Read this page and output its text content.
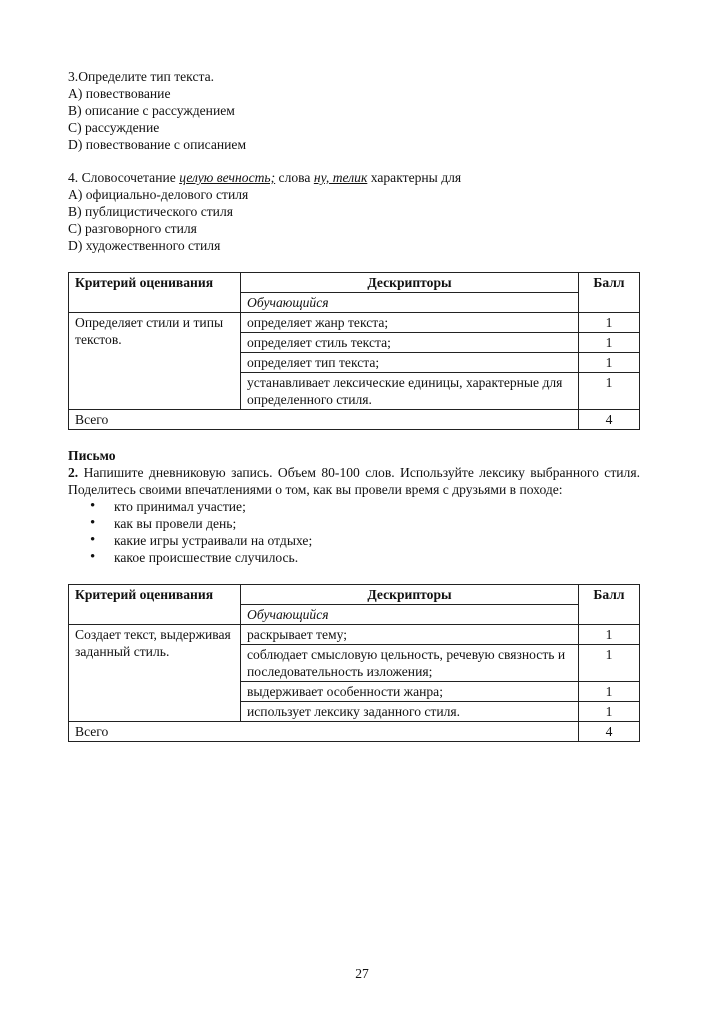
3.Определите тип текста.
A) повествование
B) описание с рассуждением
C) рассуждение
D) повествование с описанием
4. Словосочетание целую вечность; слова ну, телик характерны для
A) официально-делового стиля
B) публицистического стиля
C) разговорного стиля
D) художественного стиля
Критерий оценивания	Дескрипторы	Балл
	Обучающийся	
Определяет стили и типы текстов.	определяет жанр текста;	1
	определяет стиль текста;	1
	определяет тип текста;	1
	устанавливает лексические единицы, характерные для определенного стиля.	1
Всего		4
Письмо
2. Напишите дневниковую запись. Объем 80-100 слов. Используйте лексику выбранного стиля. Поделитесь своими впечатлениями о том, как вы провели время с друзьями в походе:
• кто принимал участие;
• как вы провели день;
• какие игры устраивали на отдыхе;
• какое происшествие случилось.
Критерий оценивания	Дескрипторы	Балл
	Обучающийся	
Создает текст, выдерживая заданный стиль.	раскрывает тему;	1
	соблюдает смысловую цельность, речевую связность и последовательность изложения;	1
	выдерживает особенности жанра;	1
	использует лексику заданного стиля.	1
Всего		4
27
